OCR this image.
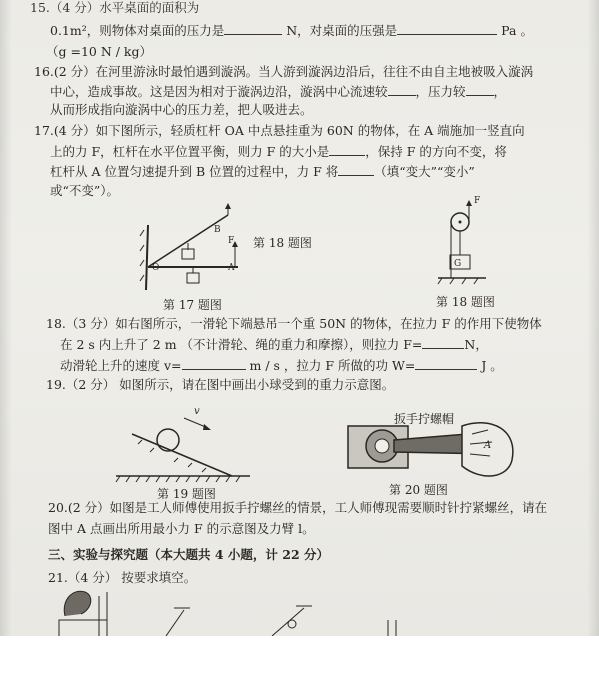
15.（4 分）水平桌面的面积为
0.1m²，则物体对桌面的压力是	N，对桌面的压强是	Pa 。
（g =10 N / kg）
16.(2 分）在河里游泳时最怕遇到漩涡。当人游到漩涡边沿后，往往不由自主地被吸入漩涡
中心，造成事故。这是因为相对于漩涡边沿，漩涡中心流速较 ，压力较 ，
从而形成指向漩涡中心的压力差，把人吸进去。
17.(4 分）如下图所示，轻质杠杆 OA 中点悬挂重为 60N 的物体，在 A 端施加一竖直向
上的力 F，杠杆在水平位置平衡，则力 F 的大小是	，保持 F 的方向不变，将
杠杆从 A 位置匀速提升到 B 位置的过程中，力 F 将	（填“变大”“变小”
或“不变”）。
B
O	A
F 第 18 题图
第 17 题图
F
G
第 18 题图
18.（3 分）如右图所示，一滑轮下端悬吊一个重 50N 的物体，在拉力 F 的作用下使物体
在 2 s 内上升了 2 m （不计滑轮、绳的重力和摩擦），则拉力 F=	N，
动滑轮上升的速度 v=	m / s ，拉力 F 所做的功 W=	J 。
19.（2 分） 如图所示，请在图中画出小球受到的重力示意图。
v
第 19 题图
扳手拧螺帽
A
第 20 题图
20.(2 分）如图是工人师傅使用扳手拧螺丝的情景，工人师傅现需要顺时针拧紧螺丝，请在
图中 A 点画出所用最小力 F 的示意图及力臂 l。
三、实验与探究题（本大题共 4 小题，计 22 分）
21.（4 分） 按要求填空。
